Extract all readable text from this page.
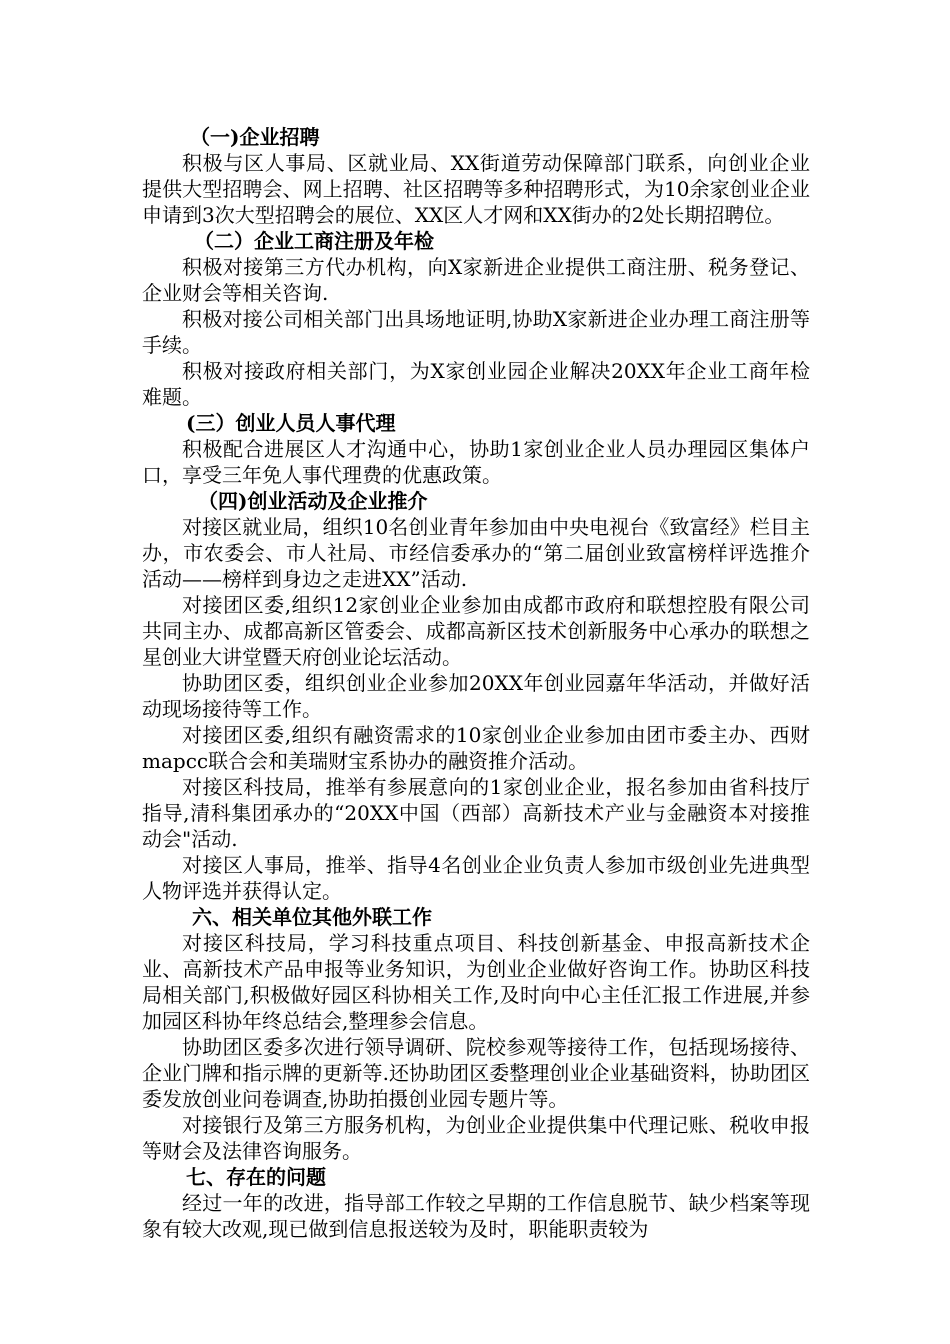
（一)企业招聘

积极与区人事局、区就业局、XX街道劳动保障部门联系，向创业企业提供大型招聘会、网上招聘、社区招聘等多种招聘形式，为10余家创业企业申请到3次大型招聘会的展位、XX区人才网和XX街办的2处长期招聘位。

（二）企业工商注册及年检

积极对接第三方代办机构，向X家新进企业提供工商注册、税务登记、企业财会等相关咨询.

积极对接公司相关部门出具场地证明,协助X家新进企业办理工商注册等手续。

积极对接政府相关部门，为X家创业园企业解决20XX年企业工商年检难题。

(三）创业人员人事代理

积极配合进展区人才沟通中心，协助1家创业企业人员办理园区集体户口，享受三年免人事代理费的优惠政策。

（四)创业活动及企业推介

对接区就业局，组织10名创业青年参加由中央电视台《致富经》栏目主办，市农委会、市人社局、市经信委承办的“第二届创业致富榜样评选推介活动——榜样到身边之走进XX”活动.

对接团区委,组织12家创业企业参加由成都市政府和联想控股有限公司共同主办、成都高新区管委会、成都高新区技术创新服务中心承办的联想之星创业大讲堂暨天府创业论坛活动。

协助团区委，组织创业企业参加20XX年创业园嘉年华活动，并做好活动现场接待等工作。

对接团区委,组织有融资需求的10家创业企业参加由团市委主办、西财mapcc联合会和美瑞财宝系协办的融资推介活动。

对接区科技局，推举有参展意向的1家创业企业，报名参加由省科技厅指导,清科集团承办的“20XX中国（西部）高新技术产业与金融资本对接推动会"活动.

对接区人事局，推举、指导4名创业企业负责人参加市级创业先进典型人物评选并获得认定。

六、相关单位其他外联工作

对接区科技局，学习科技重点项目、科技创新基金、申报高新技术企业、高新技术产品申报等业务知识，为创业企业做好咨询工作。协助区科技局相关部门,积极做好园区科协相关工作,及时向中心主任汇报工作进展,并参加园区科协年终总结会,整理参会信息。

协助团区委多次进行领导调研、院校参观等接待工作，包括现场接待、企业门牌和指示牌的更新等.还协助团区委整理创业企业基础资料，协助团区委发放创业问卷调查,协助拍摄创业园专题片等。

对接银行及第三方服务机构，为创业企业提供集中代理记账、税收申报等财会及法律咨询服务。

七、存在的问题

经过一年的改进，指导部工作较之早期的工作信息脱节、缺少档案等现象有较大改观,现已做到信息报送较为及时，职能职责较为
